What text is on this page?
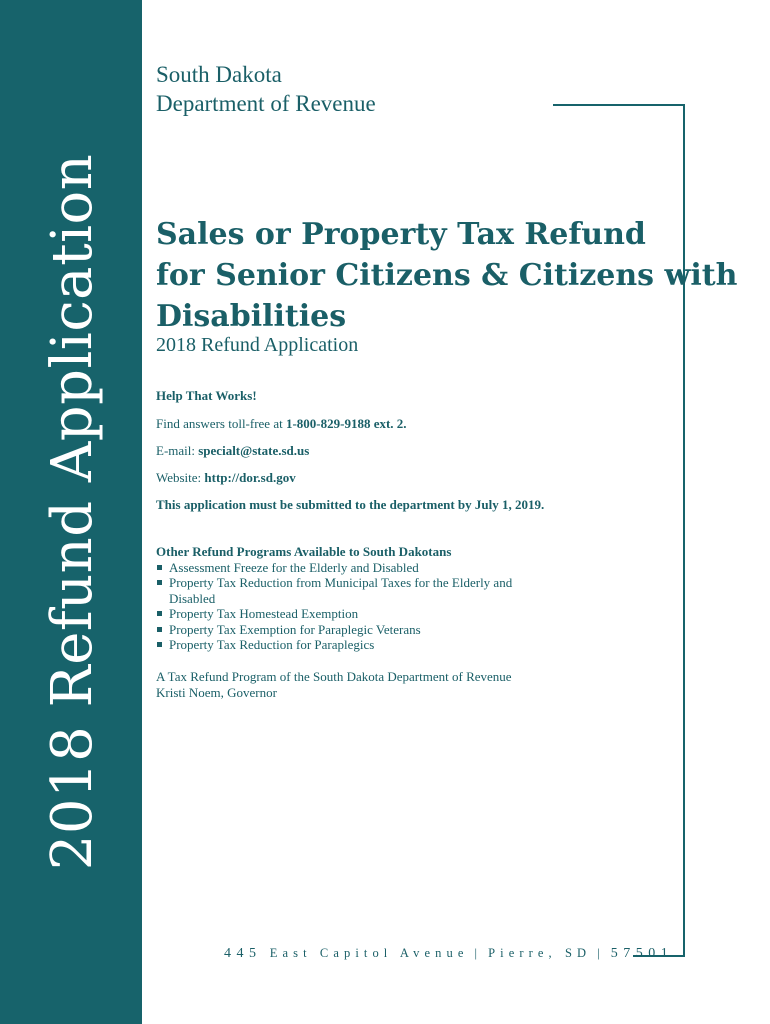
2018 Refund Application
South Dakota
Department of Revenue
Sales or Property Tax Refund
for Senior Citizens & Citizens with
Disabilities
2018 Refund Application
Help That Works!
Find answers toll-free at 1-800-829-9188 ext. 2.
E-mail: specialt@state.sd.us
Website: http://dor.sd.gov
This application must be submitted to the department by July 1, 2019.
Other Refund Programs Available to South Dakotans
Assessment Freeze for the Elderly and Disabled
Property Tax Reduction from Municipal Taxes for the Elderly and Disabled
Property Tax Homestead Exemption
Property Tax Exemption for Paraplegic Veterans
Property Tax Reduction for Paraplegics
A Tax Refund Program of the South Dakota Department of Revenue
Kristi Noem, Governor
445 East Capitol Avenue | Pierre, SD | 57501
